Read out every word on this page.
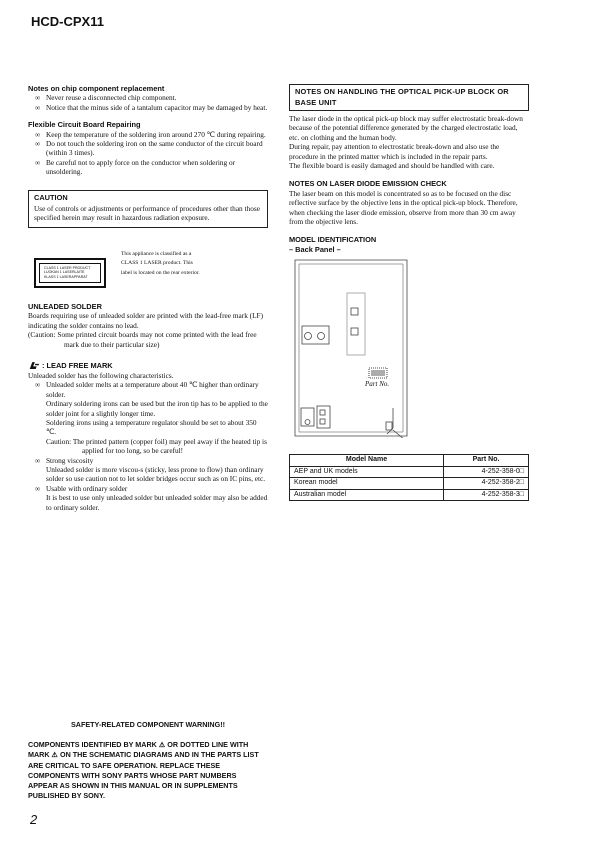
HCD-CPX11

Notes on chip component replacement

∞ Never reuse a disconnected chip component.
∞ Notice that the minus side of a tantalum capacitor may be damaged by heat.

Flexible Circuit Board Repairing

∞ Keep the temperature of the soldering iron around 270 ℃ during repairing.
∞ Do not touch the soldering iron on the same conductor of the circuit board (within 3 times).
∞ Be careful not to apply force on the conductor when soldering or unsoldering.

CAUTION

Use of controls or adjustments or performance of procedures other than those specified herein may result in hazardous radiation exposure.

CLASS 1 LASER PRODUCT
LUOKAN 1 LASERLAITE
KLASS 1 LASERAPPARAT
This appliance is classified as a CLASS 1 LASER product. This label is located on the rear exterior.

UNLEADED SOLDER

Boards requiring use of unleaded solder are printed with the lead-free mark (LF) indicating the solder contains no lead.

(Caution: Some printed circuit boards may not come printed with the lead free mark due to their particular size)

: LEAD FREE MARK

Unleaded solder has the following characteristics.

∞ Unleaded solder melts at a temperature about 40 ℃ higher than ordinary solder.

Ordinary soldering irons can be used but the iron tip has to be applied to the solder joint for a slightly longer time.

Soldering irons using a temperature regulator should be set to about 350 ℃.

Caution: The printed pattern (copper foil) may peel away if the heated tip is applied for too long, so be careful!

∞ Strong viscosity

Unleaded solder is more viscou-s (sticky, less prone to flow) than ordinary solder so use caution not to let solder bridges occur such as on IC pins, etc.

∞ Usable with ordinary solder

It is best to use only unleaded solder but unleaded solder may also be added to ordinary solder.

NOTES ON HANDLING THE OPTICAL PICK-UP BLOCK OR BASE UNIT

The laser diode in the optical pick-up block may suffer electrostatic break-down because of the potential difference generated by the charged electrostatic load, etc. on clothing and the human body.

During repair, pay attention to electrostatic break-down and also use the procedure in the printed matter which is included in the repair parts.

The flexible board is easily damaged and should be handled with care.

NOTES ON LASER DIODE EMISSION CHECK

The laser beam on this model is concentrated so as to be focused on the disc reflective surface by the objective lens in the optical pick-up block. Therefore, when checking the laser diode emission, observe from more than 30 cm away from the objective lens.

MODEL IDENTIFICATION

– Back Panel –

Part No.
Model Name	Part No.
AEP and UK models	4-252-358-0□
Korean model	4-252-358-2□
Australian model	4-252-358-3□

SAFETY-RELATED COMPONENT WARNING!!

COMPONENTS IDENTIFIED BY MARK ⚠ OR DOTTED LINE WITH MARK ⚠ ON THE SCHEMATIC DIAGRAMS AND IN THE PARTS LIST ARE CRITICAL TO SAFE OPERATION. REPLACE THESE COMPONENTS WITH SONY PARTS WHOSE PART NUMBERS APPEAR AS SHOWN IN THIS MANUAL OR IN SUPPLEMENTS PUBLISHED BY SONY.

2
